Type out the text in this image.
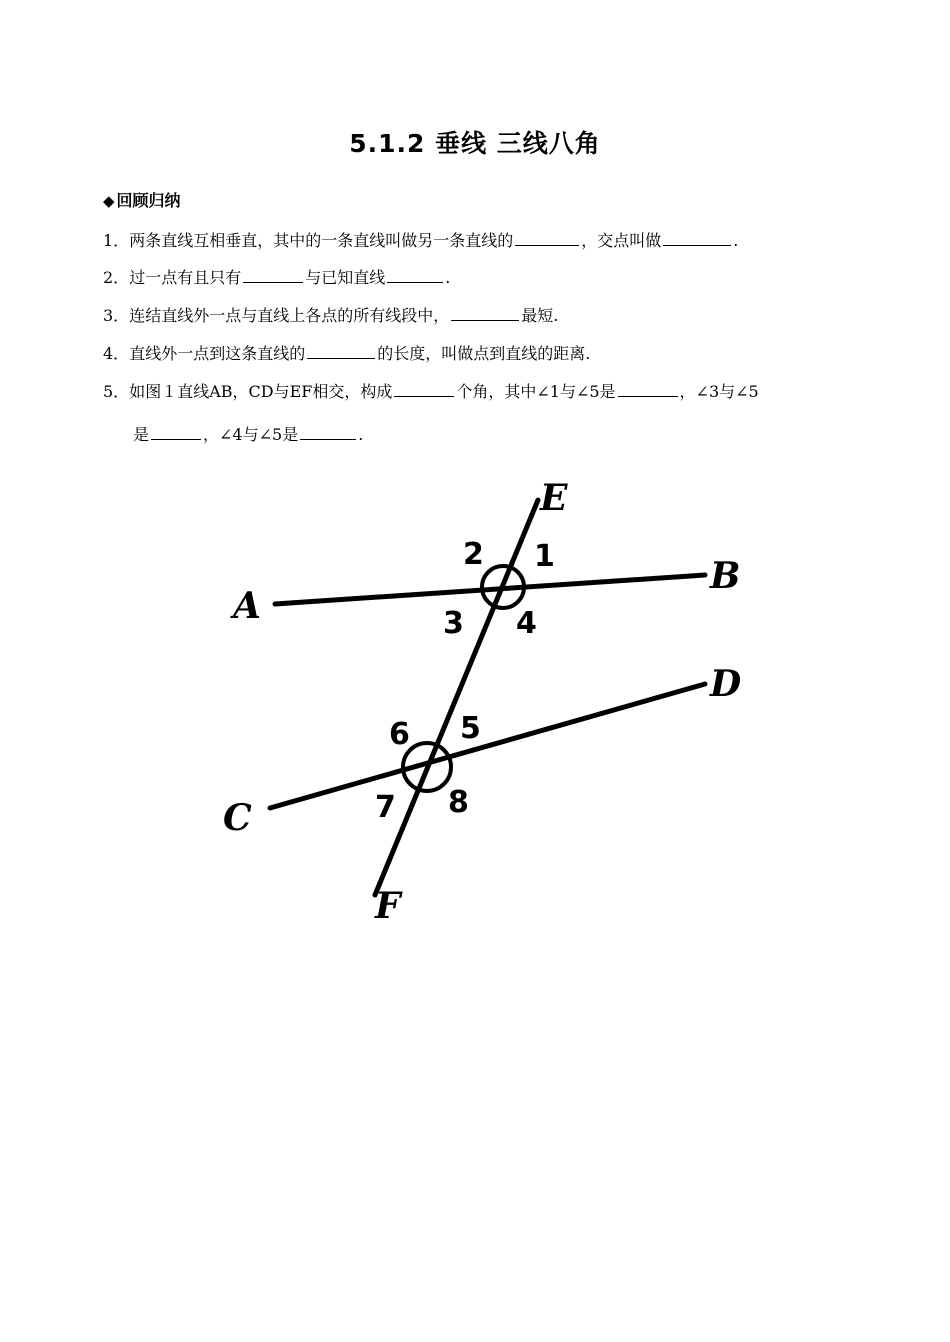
5.1.2 垂线 三线八角
◆ 回顾归纳
1．两条直线互相垂直，其中的一条直线叫做另一条直线的	，交点叫做	.
2．过一点有且只有	与已知直线	.
3．连结直线外一点与直线上各点的所有线段中，	最短.
4．直线外一点到这条直线的	的长度，叫做点到直线的距离.
5．如图１直线AB，CD与EF相交，构成	个角，其中∠1与∠5是	，∠3与∠5
是	，∠4与∠5是	.
E
B
A
D
C
F
2 1
3 4
6 5
7 8
